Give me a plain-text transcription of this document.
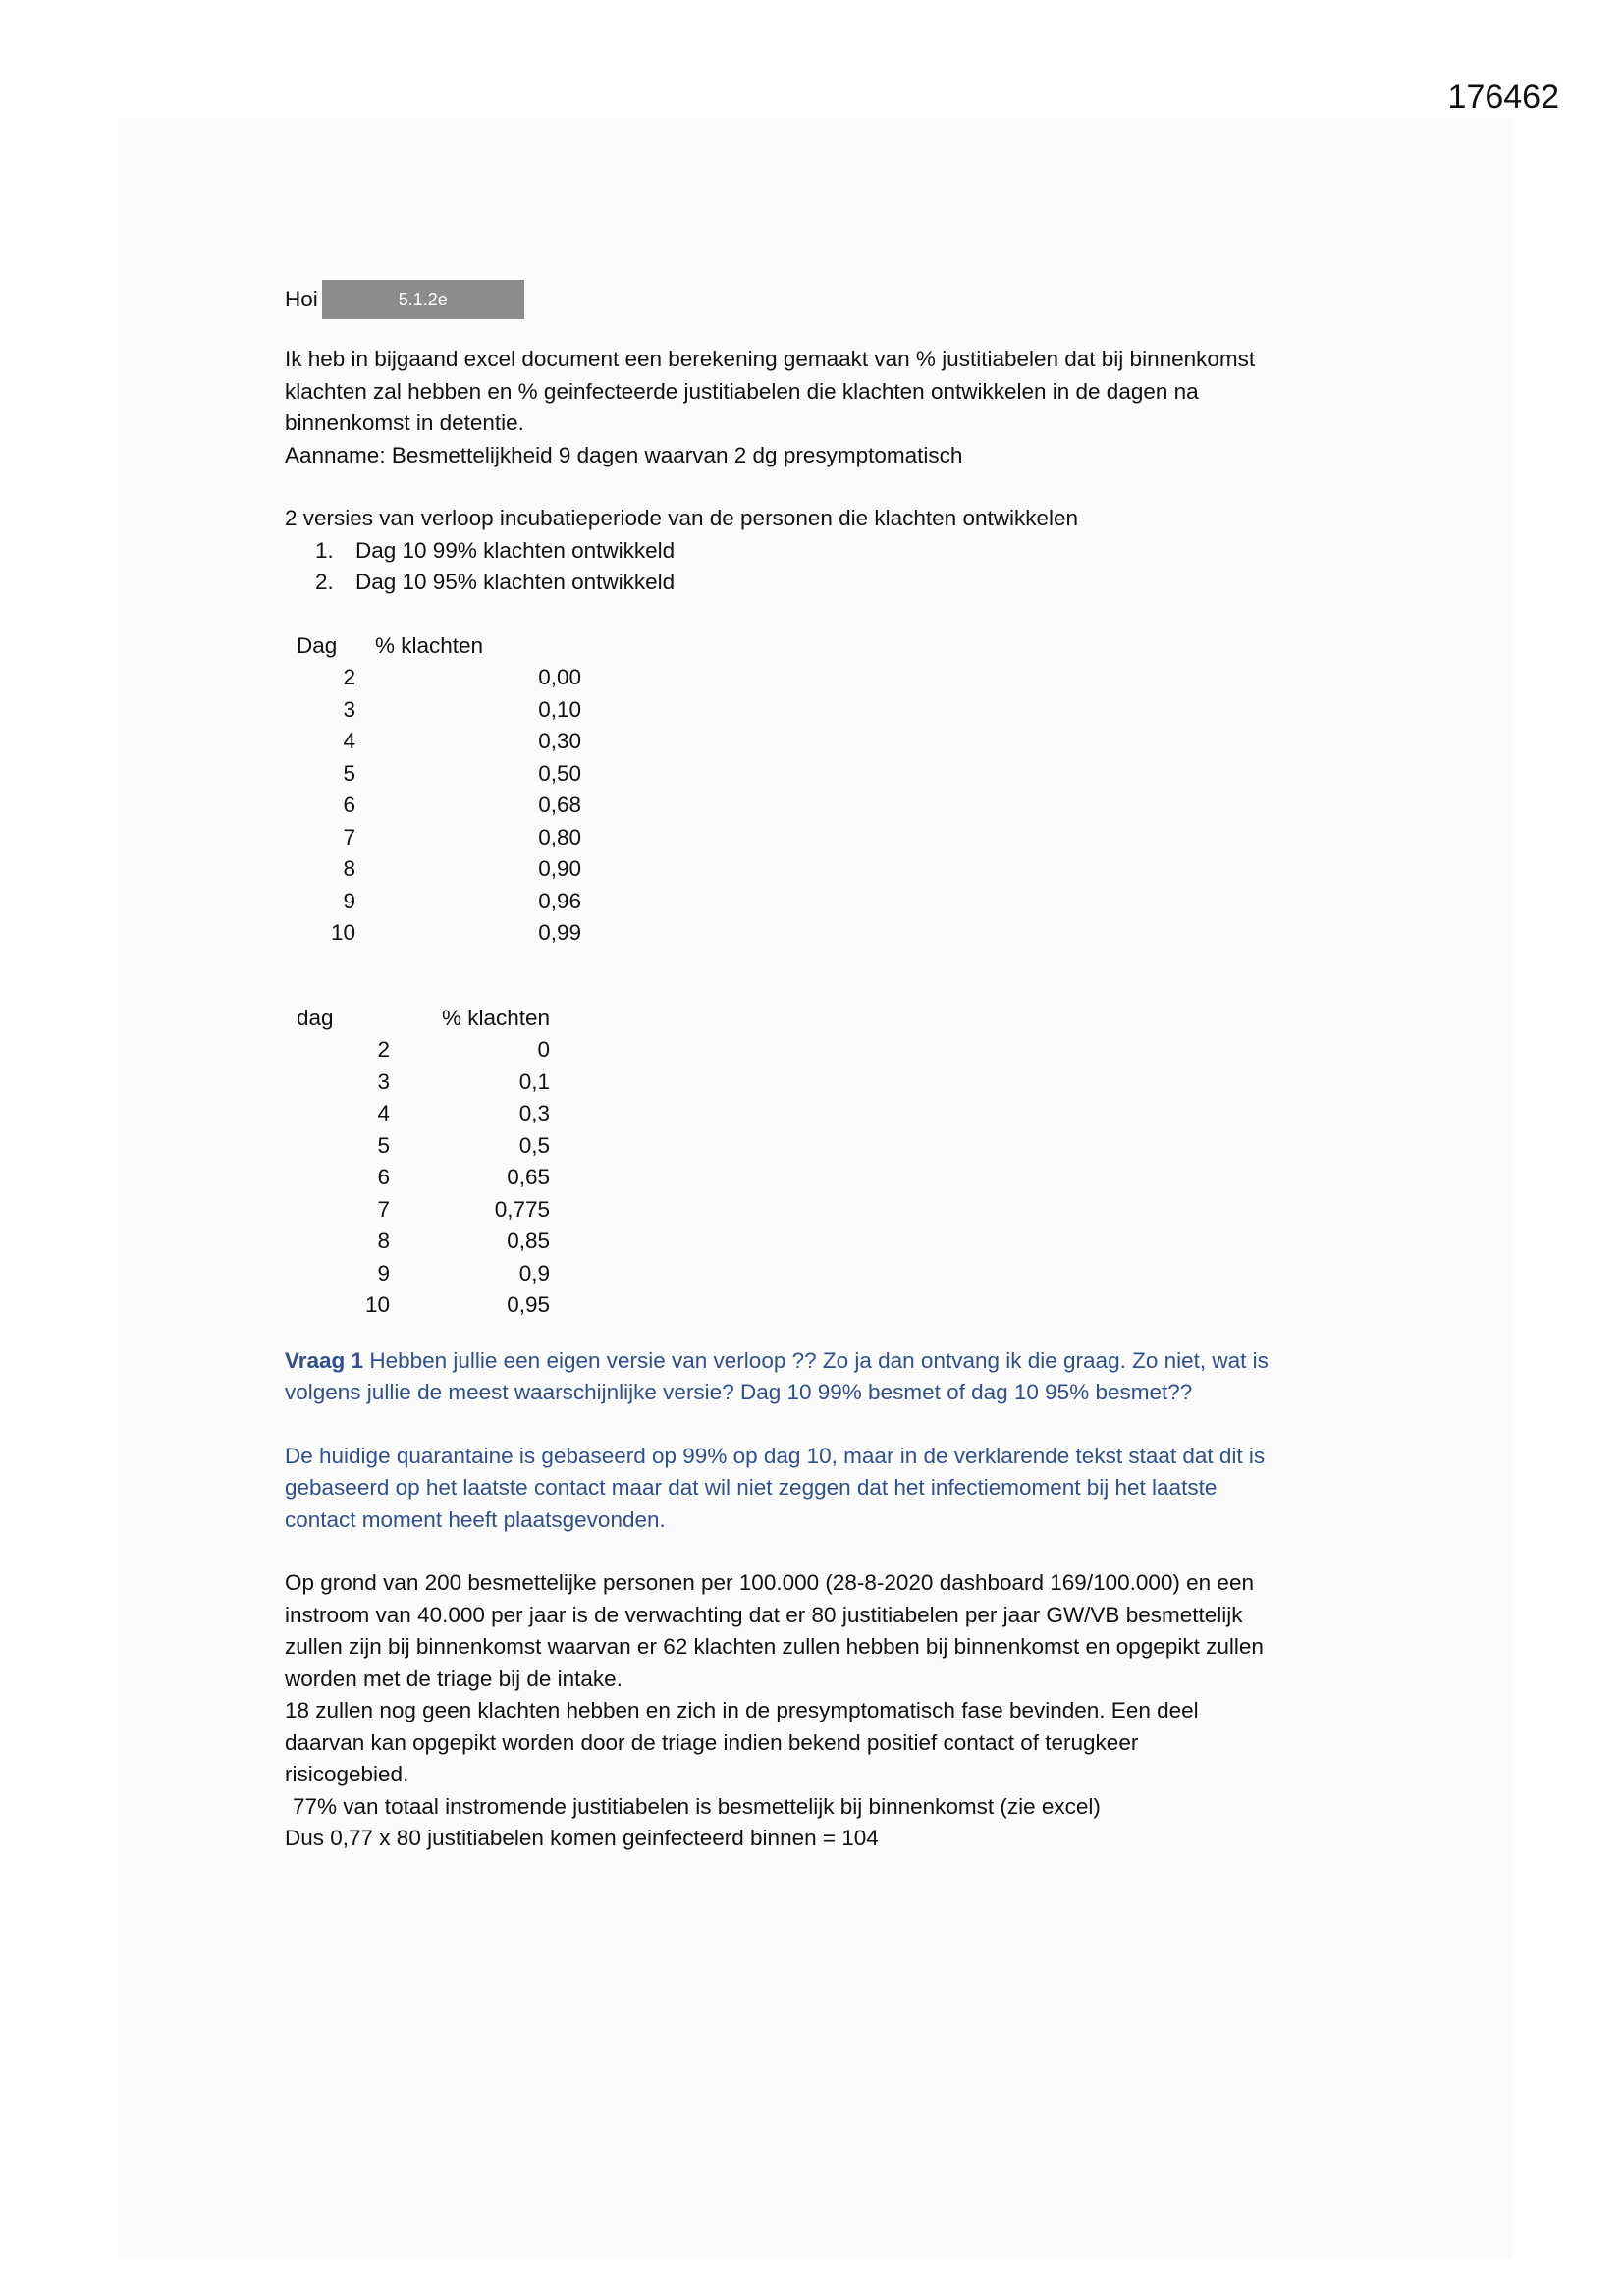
176462
Hoi	5.1.2e

Ik heb in bijgaand excel document een berekening gemaakt van % justitiabelen dat bij binnenkomst

klachten zal hebben en % geinfecteerde justitiabelen die klachten ontwikkelen in de dagen na

binnenkomst in detentie.

Aanname: Besmettelijkheid 9 dagen waarvan 2 dg presymptomatisch

2 versies van verloop incubatieperiode van de personen die klachten ontwikkelen

1. Dag 10 99% klachten ontwikkeld
2. Dag 10 95% klachten ontwikkeld
Dag	% klachten
2	0,00
3	0,10
4	0,30
5	0,50
6	0,68
7	0,80
8	0,90
9	0,96
10	0,99
dag	% klachten
2	0
3	0,1
4	0,3
5	0,5
6	0,65
7	0,775
8	0,85
9	0,9
10	0,95

Vraag 1 Hebben jullie een eigen versie van verloop ?? Zo ja dan ontvang ik die graag. Zo niet, wat is

volgens jullie de meest waarschijnlijke versie? Dag 10 99% besmet of dag 10 95% besmet??

De huidige quarantaine is gebaseerd op 99% op dag 10, maar in de verklarende tekst staat dat dit is

gebaseerd op het laatste contact maar dat wil niet zeggen dat het infectiemoment bij het laatste

contact moment heeft plaatsgevonden.

Op grond van 200 besmettelijke personen per 100.000 (28-8-2020 dashboard 169/100.000) en een

instroom van 40.000 per jaar is de verwachting dat er 80 justitiabelen per jaar GW/VB besmettelijk

zullen zijn bij binnenkomst waarvan er 62 klachten zullen hebben bij binnenkomst en opgepikt zullen

worden met de triage bij de intake.

18 zullen nog geen klachten hebben en zich in de presymptomatisch fase bevinden. Een deel

daarvan kan opgepikt worden door de triage indien bekend positief contact of terugkeer

risicogebied.

77% van totaal instromende justitiabelen is besmettelijk bij binnenkomst (zie excel)

Dus 0,77 x 80 justitiabelen komen geinfecteerd binnen = 104
